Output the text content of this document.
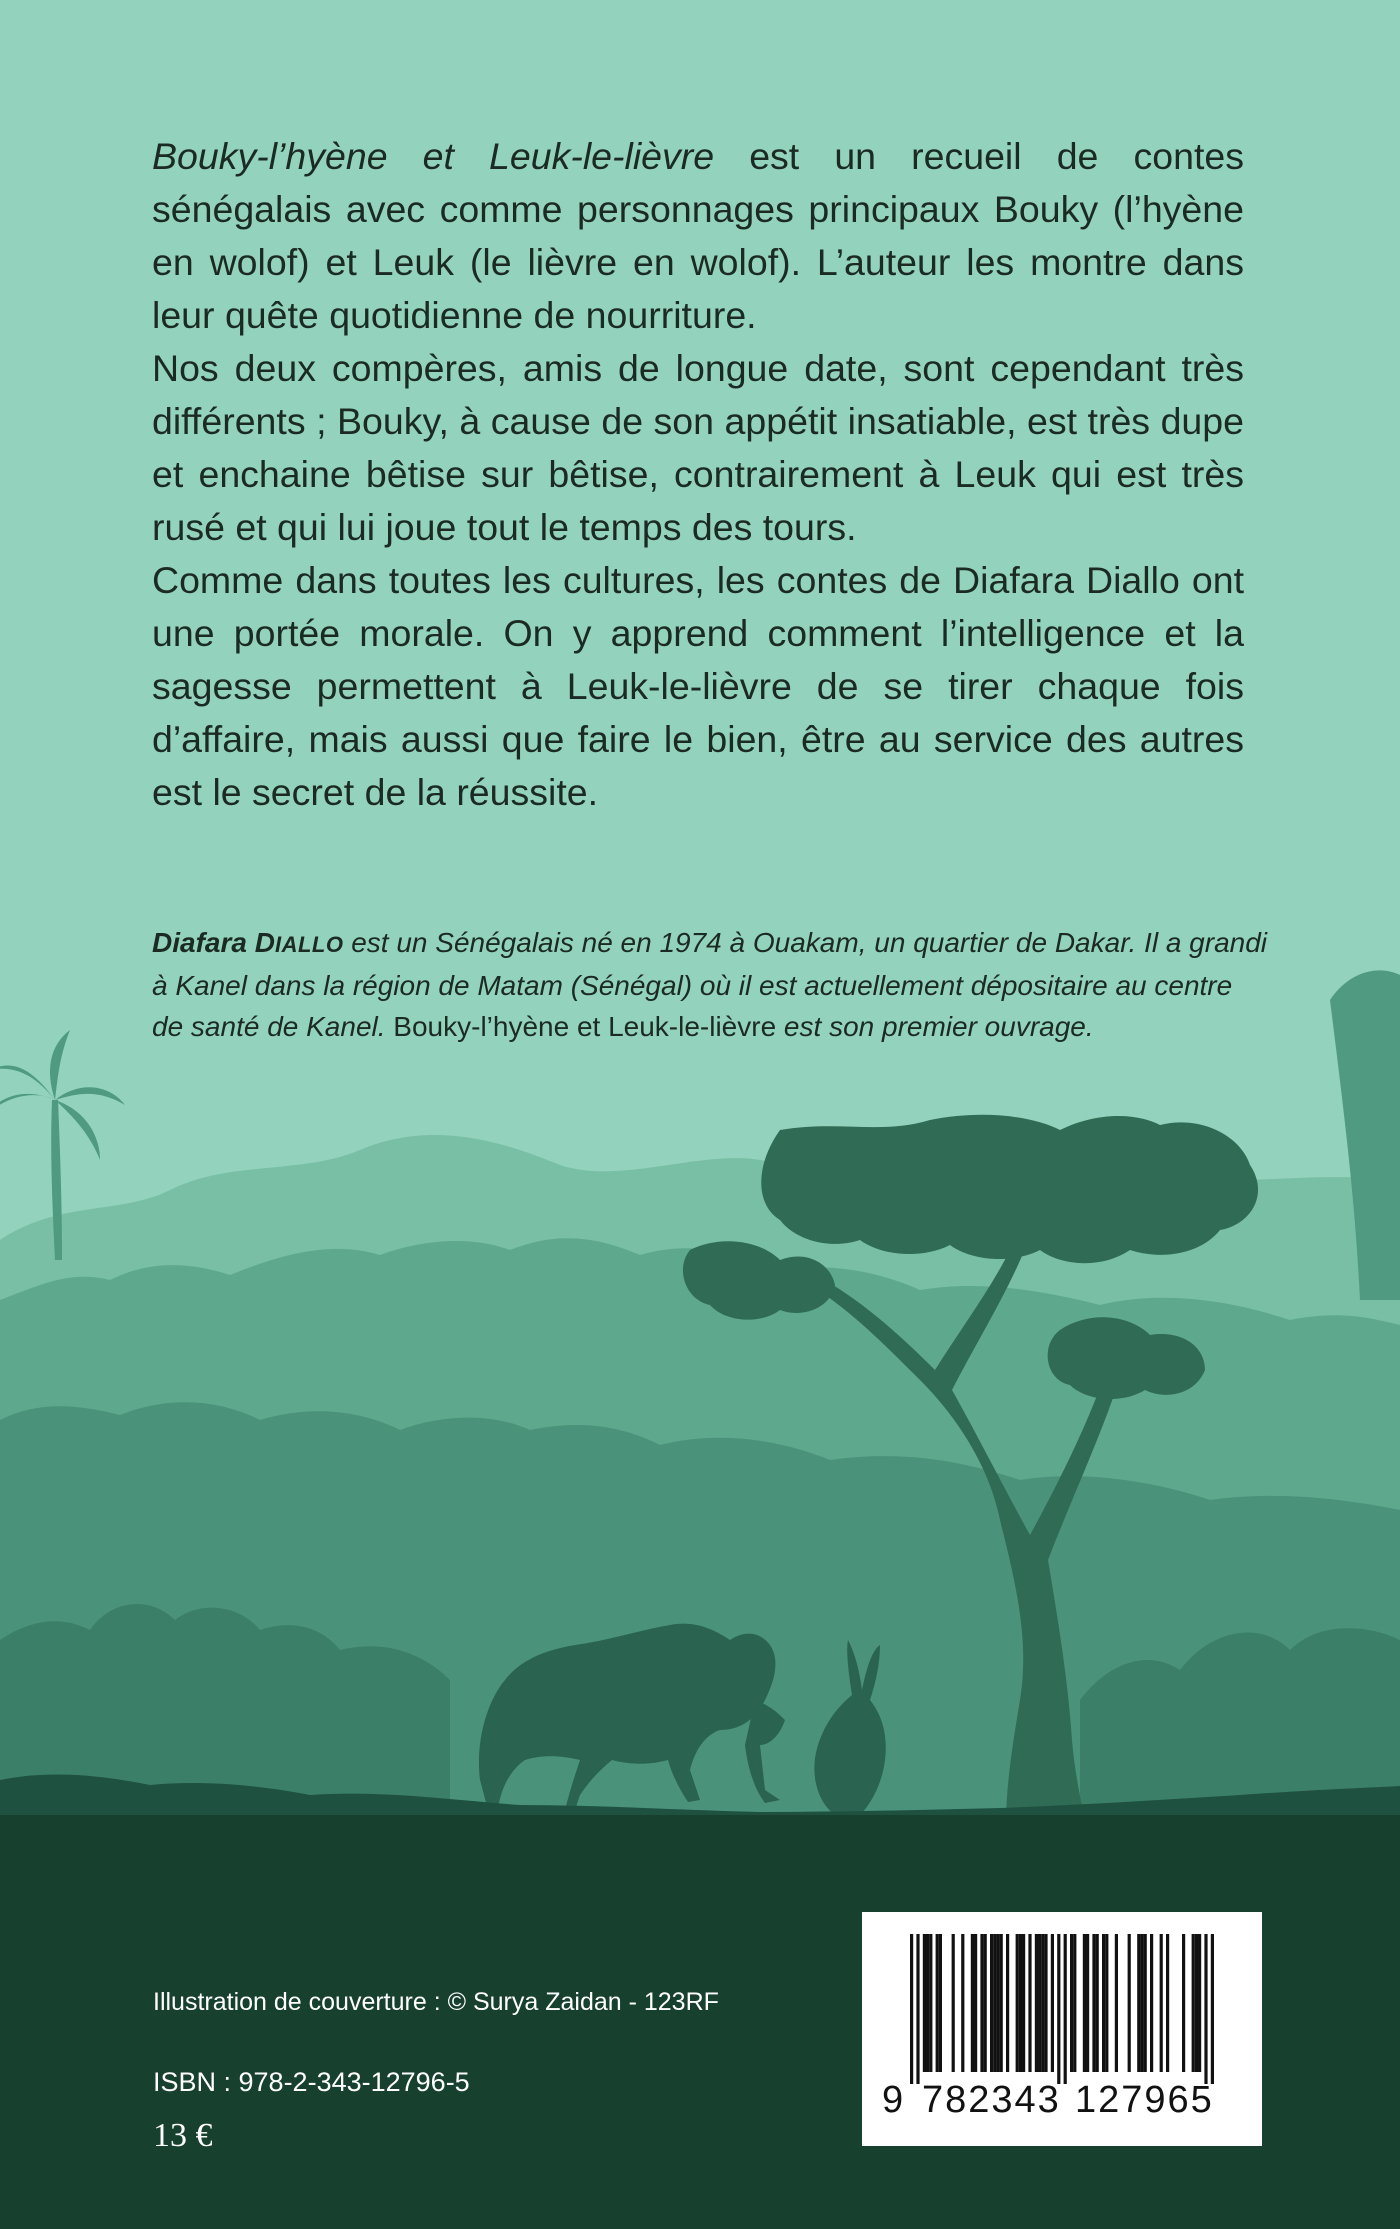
Bouky-l’hyène et Leuk-le-lièvre est un recueil de contes sénégalais avec comme personnages principaux Bouky (l’hyène en wolof) et Leuk (le lièvre en wolof). L’auteur les montre dans leur quête quotidienne de nourriture.

Nos deux compères, amis de longue date, sont cependant très différents ; Bouky, à cause de son appétit insatiable, est très dupe et enchaine bêtise sur bêtise, contrairement à Leuk qui est très rusé et qui lui joue tout le temps des tours.

Comme dans toutes les cultures, les contes de Diafara Diallo ont une portée morale. On y apprend comment l’intelligence et la sagesse permettent à Leuk-le-lièvre de se tirer chaque fois d’affaire, mais aussi que faire le bien, être au service des autres est le secret de la réussite.

Diafara DIALLO est un Sénégalais né en 1974 à Ouakam, un quartier de Dakar. Il a grandi à Kanel dans la région de Matam (Sénégal) où il est actuellement dépositaire au centre de santé de Kanel. Bouky-l’hyène et Leuk-le-lièvre est son premier ouvrage.

Illustration de couverture : © Surya Zaidan - 123RF

ISBN : 978-2-343-12796-5

13 €

9 782343 127965
